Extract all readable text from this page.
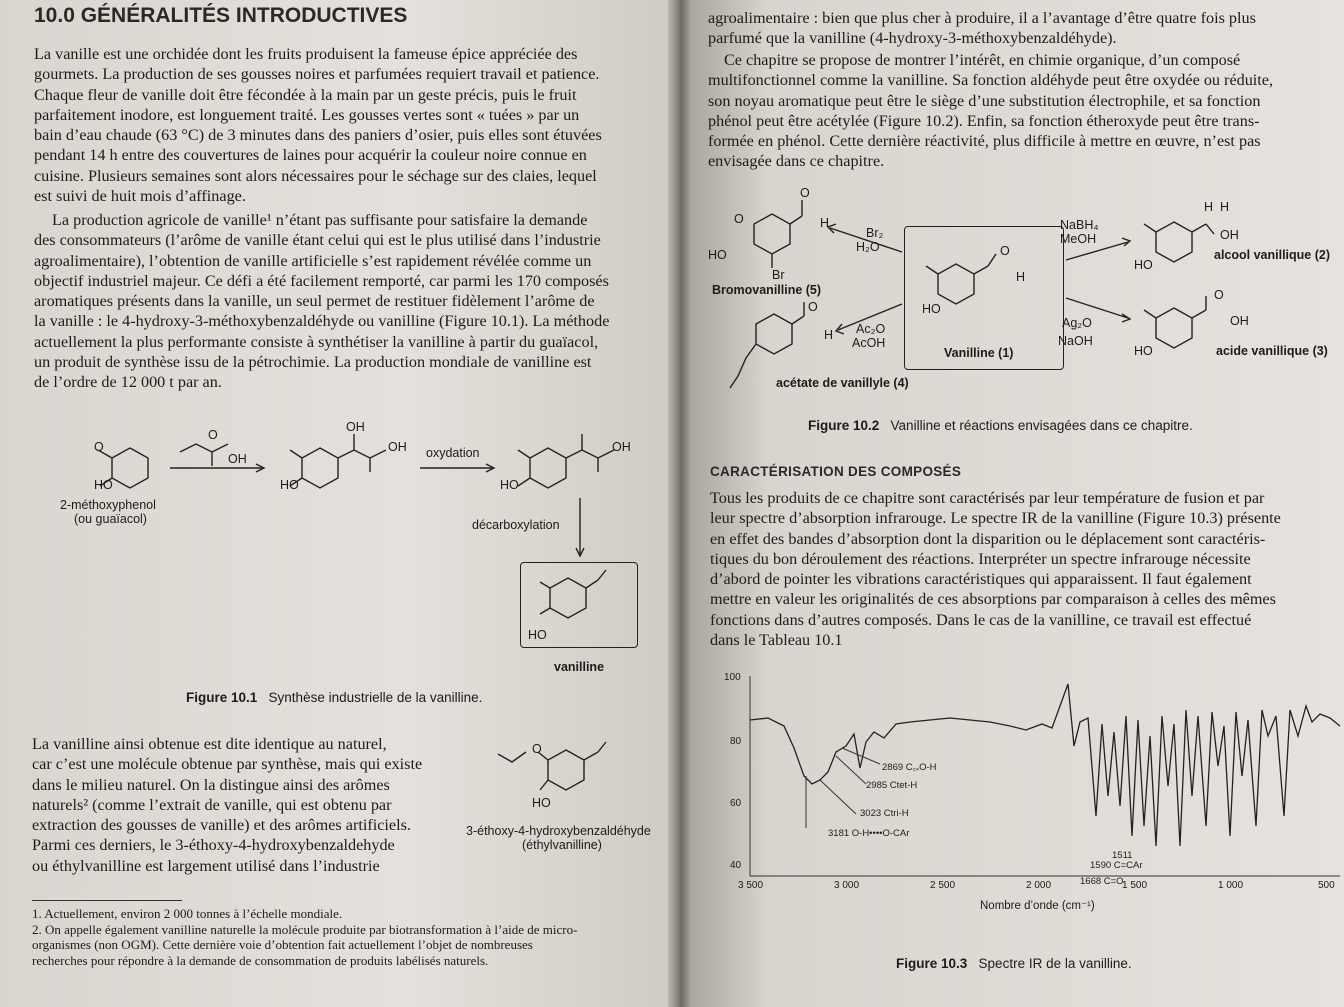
10.0 GÉNÉRALITÉS INTRODUCTIVES
La vanille est une orchidée dont les fruits produisent la fameuse épice appréciée des
gourmets. La production de ses gousses noires et parfumées requiert travail et patience.
Chaque fleur de vanille doit être fécondée à la main par un geste précis, puis le fruit
parfaitement inodore, est longuement traité. Les gousses vertes sont « tuées » par un
bain d’eau chaude (63 °C) de 3 minutes dans des paniers d’osier, puis elles sont étuvées
pendant 14 h entre des couvertures de laines pour acquérir la couleur noire connue en
cuisine. Plusieurs semaines sont alors nécessaires pour le séchage sur des claies, lequel
est suivi de huit mois d’affinage.
La production agricole de vanille¹ n’étant pas suffisante pour satisfaire la demande
des consommateurs (l’arôme de vanille étant celui qui est le plus utilisé dans l’industrie
agroalimentaire), l’obtention de vanille artificielle s’est rapidement révélée comme un
objectif industriel majeur. Ce défi a été facilement remporté, car parmi les 170 composés
aromatiques présents dans la vanille, un seul permet de restituer fidèlement l’arôme de
la vanille : le 4-hydroxy-3-méthoxybenzaldéhyde ou vanilline (Figure 10.1). La méthode
actuellement la plus performante consiste à synthétiser la vanilline à partir du guaïacol,
un produit de synthèse issu de la pétrochimie. La production mondiale de vanilline est
de l’ordre de 12 000 t par an.
O
HO
O
OH
HO
OH
OH
HO
OH
HO
2-méthoxyphenol
(ou guaïacol)
oxydation
décarboxylation
vanilline
Figure 10.1 Synthèse industrielle de la vanilline.
La vanilline ainsi obtenue est dite identique au naturel,
car c’est une molécule obtenue par synthèse, mais qui existe
dans le milieu naturel. On la distingue ainsi des arômes
naturels² (comme l’extrait de vanille, qui est obtenu par
extraction des gousses de vanille) et des arômes artificiels.
Parmi ces derniers, le 3-éthoxy-4-hydroxybenzaldehyde
ou éthylvanilline est largement utilisé dans l’industrie
O
HO
3-éthoxy-4-hydroxybenzaldéhyde
(éthylvanilline)
1. Actuellement, environ 2 000 tonnes à l’échelle mondiale.
2. On appelle également vanilline naturelle la molécule produite par biotransformation à l’aide de micro-
organismes (non OGM). Cette dernière voie d’obtention fait actuellement l’objet de nombreuses
recherches pour répondre à la demande de consommation de produits labélisés naturels.
agroalimentaire : bien que plus cher à produire, il a l’avantage d’être quatre fois plus
parfumé que la vanilline (4-hydroxy-3-méthoxybenzaldéhyde).
Ce chapitre se propose de montrer l’intérêt, en chimie organique, d’un composé
multifonctionnel comme la vanilline. Sa fonction aldéhyde peut être oxydée ou réduite,
son noyau aromatique peut être le siège d’une substitution électrophile, et sa fonction
phénol peut être acétylée (Figure 10.2). Enfin, sa fonction étheroxyde peut être trans-
formée en phénol. Cette dernière réactivité, plus difficile à mettre en œuvre, n’est pas
envisagée dans ce chapitre.
O
HO
O
H
Br
Br₂
H₂O
Bromovanilline (5)
O
H
HO
Vanilline (1)
NaBH₄
MeOH
H  H
OH
HO
alcool vanillique (2)
Ag₂O
NaOH
O
OH
HO	acide vanillique (3)
Ac₂O
AcOH
O
H
acétate de vanillyle (4)
Figure 10.2 Vanilline et réactions envisagées dans ce chapitre.
CARACTÉRISATION DES COMPOSÉS
Tous les produits de ce chapitre sont caractérisés par leur température de fusion et par
leur spectre d’absorption infrarouge. Le spectre IR de la vanilline (Figure 10.3) présente
en effet des bandes d’absorption dont la disparition ou le déplacement sont caractéris-
tiques du bon déroulement des réactions. Interpréter un spectre infrarouge nécessite
d’abord de pointer les vibrations caractéristiques qui apparaissent. Il faut également
mettre en valeur les originalités de ces absorptions par comparaison à celles des mêmes
fonctions dans d’autres composés. Dans le cas de la vanilline, ce travail est effectué
dans le Tableau 10.1
100
80
60
40
3 500	3 000	2 500	2 000	1 500	1 000	500
Nombre d’onde (cm⁻¹)
2869 C꜀₌O-H
2985 Ctet-H
3023 Ctri-H
3181 O-H••••O-CAr
1511
1590 C=CAr
1668 C=O
Figure 10.3 Spectre IR de la vanilline.
